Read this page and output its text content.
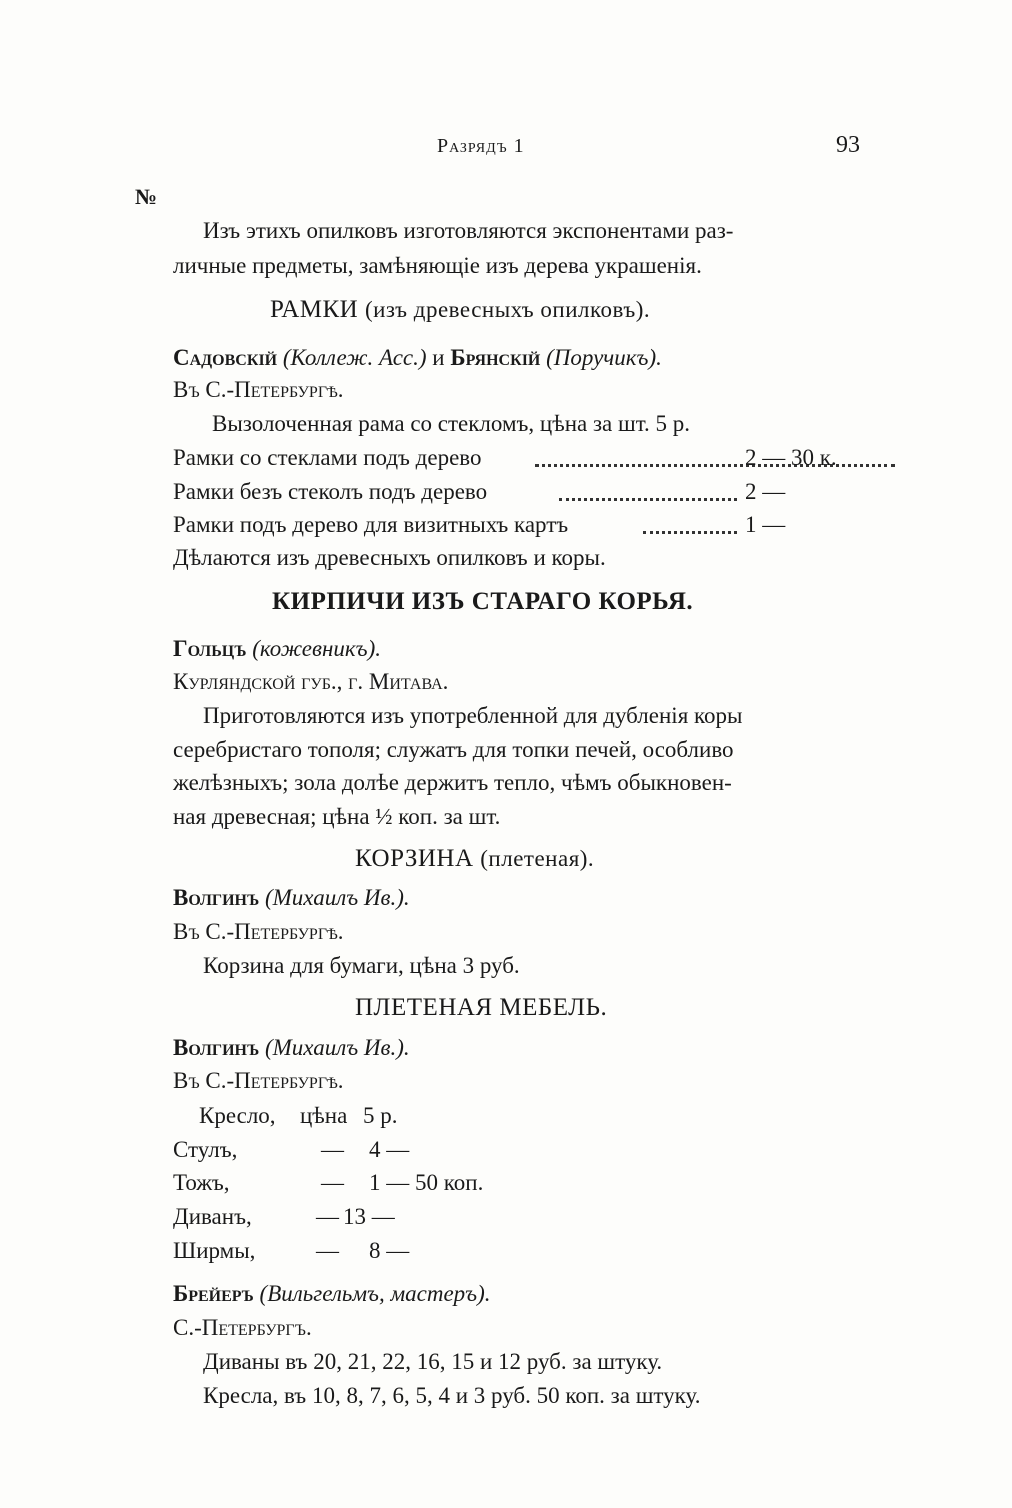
Разрядъ 1	93
№
Изъ этихъ опилковъ изготовляются экспонентами раз-
личные предметы, замѣняющіе изъ дерева украшенія.
РАМКИ (изъ древесныхъ опилковъ).
Садовскій (Коллеж. Асс.) и Брянскій (Поручикъ).
Въ С.-Петербургѣ.
Вызолоченная рама со стекломъ, цѣна за шт. 5 р.
Рамки со стеклами подъ дерево	2 — 30 к.
Рамки безъ стеколъ подъ дерево	2 —
Рамки подъ дерево для визитныхъ картъ	1 —
Дѣлаются изъ древесныхъ опилковъ и коры.
КИРПИЧИ ИЗЪ СТАРАГО КОРЬЯ.
Гольцъ (кожевникъ).
Курляндской губ., г. Митава.
Приготовляются изъ употребленной для дубленія коры
серебристаго тополя; служатъ для топки печей, особливо
желѣзныхъ; зола долѣе держитъ тепло, чѣмъ обыкновен-
ная древесная; цѣна ½ коп. за шт.
КОРЗИНА (плетеная).
Волгинъ (Михаилъ Ив.).
Въ С.-Петербургѣ.
Корзина для бумаги, цѣна 3 руб.
ПЛЕТЕНАЯ МЕБЕЛЬ.
Волгинъ (Михаилъ Ив.).
Въ С.-Петербургѣ.
Кресло, цѣна 5 р.
Стулъ,	— 4 —
Тожъ,	— 1 — 50 коп.
Диванъ,	— 13 —
Ширмы,	— 8 —
Брейеръ (Вильгельмъ, мастеръ).
С.-Петербургъ.
Диваны въ 20, 21, 22, 16, 15 и 12 руб. за штуку.
Кресла, въ 10, 8, 7, 6, 5, 4 и 3 руб. 50 коп. за штуку.
